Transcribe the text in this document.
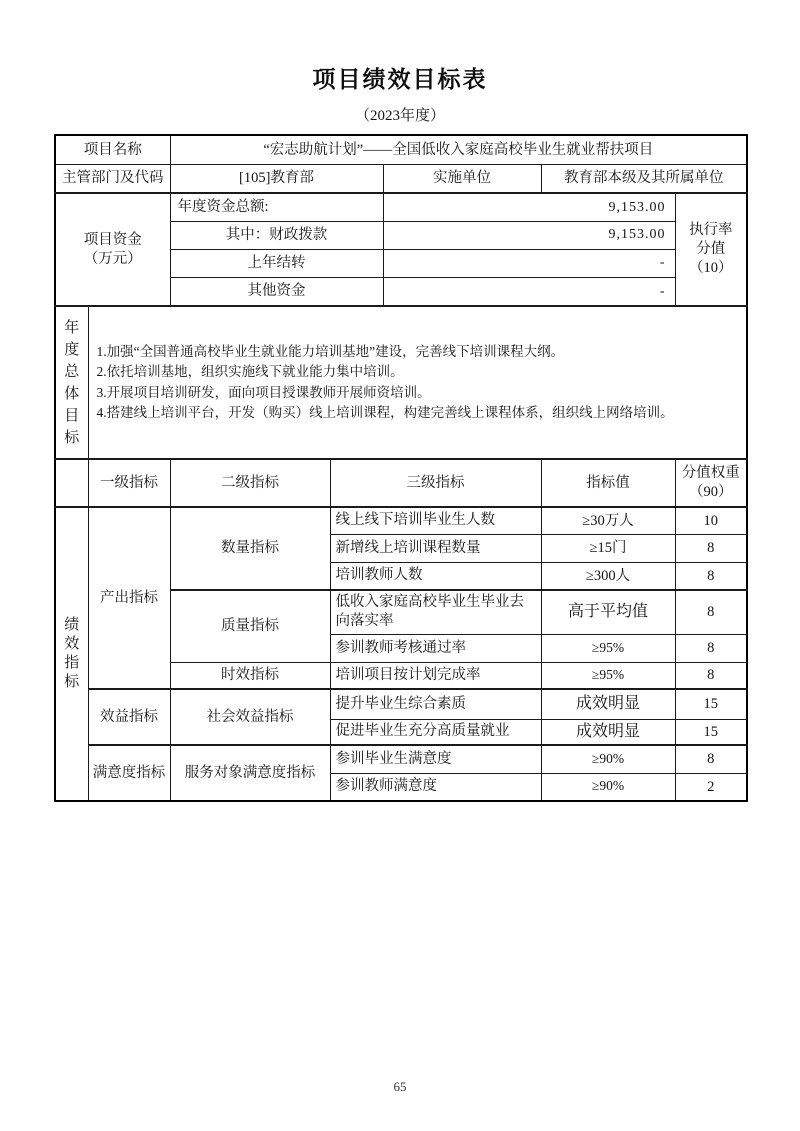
项目绩效目标表
（2023年度）
项目名称		“宏志助航计划”——全国低收入家庭高校毕业生就业帮扶项目				
主管部门及代码		[105]教育部		实施单位	教育部本级及其所属单位	

项目资金
（万元）
	年度资金总额:	9,153.00	
执行率
分值
（10）

		其中：财政拨款		9,153.00		
		上年结转		-		
		其他资金		-		

年度总体目标	1.加强“全国普通高校毕业生就业能力培训基地”建设，完善线下培训课程大纲。
2.依托培训基地，组织实施线下就业能力集中培训。
3.开展项目培训研发，面向项目授课教师开展师资培训。
4.搭建线上培训平台，开发（购买）线上培训课程，构建完善线上课程体系，组织线上网络培训。					

	一级指标	二级指标	三级指标		指标值	分值权重
（90）

绩效指标	产出指标	数量指标	线上线下培训毕业生人数		≥30万人	10
			新增线上培训课程数量		≥15门	8
			培训教师人数		≥300人	8
		质量指标	低收入家庭高校毕业生毕业去向落实率		高于平均值	8
			参训教师考核通过率		≥95%	8
		时效指标	培训项目按计划完成率		≥95%	8
	效益指标	社会效益指标	提升毕业生综合素质		成效明显	15
			促进毕业生充分高质量就业		成效明显	15
	满意度指标	服务对象满意度指标	参训毕业生满意度		≥90%	8
			参训教师满意度		≥90%	2
65
